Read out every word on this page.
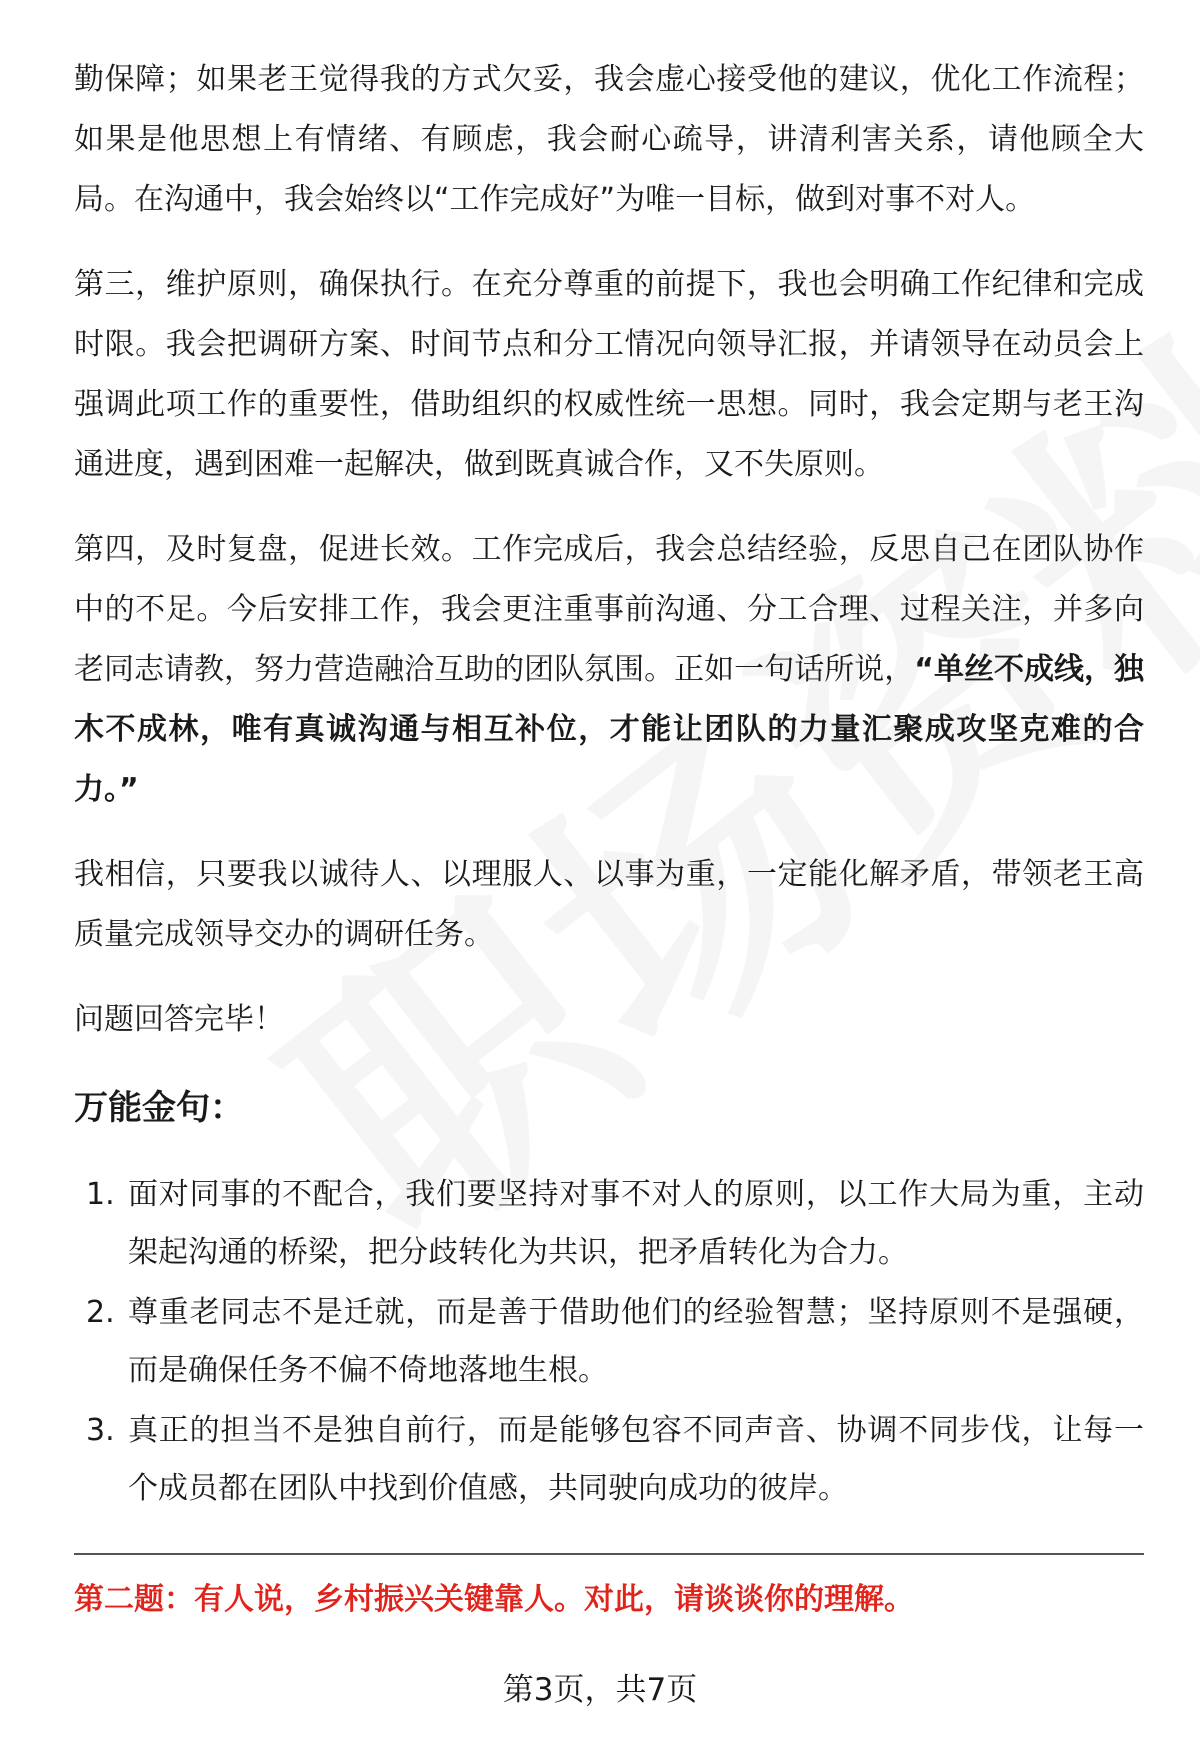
勤保障；如果老王觉得我的方式欠妥，我会虚心接受他的建议，优化工作流程；如果是他思想上有情绪、有顾虑，我会耐心疏导，讲清利害关系，请他顾全大局。在沟通中，我会始终以“工作完成好”为唯一目标，做到对事不对人。

第三，维护原则，确保执行。在充分尊重的前提下，我也会明确工作纪律和完成时限。我会把调研方案、时间节点和分工情况向领导汇报，并请领导在动员会上强调此项工作的重要性，借助组织的权威性统一思想。同时，我会定期与老王沟通进度，遇到困难一起解决，做到既真诚合作，又不失原则。

第四，及时复盘，促进长效。工作完成后，我会总结经验，反思自己在团队协作中的不足。今后安排工作，我会更注重事前沟通、分工合理、过程关注，并多向老同志请教，努力营造融洽互助的团队氛围。正如一句话所说，“单丝不成线，独木不成林，唯有真诚沟通与相互补位，才能让团队的力量汇聚成攻坚克难的合力。”

我相信，只要我以诚待人、以理服人、以事为重，一定能化解矛盾，带领老王高质量完成领导交办的调研任务。

问题回答完毕！

万能金句：
1. 面对同事的不配合，我们要坚持对事不对人的原则，以工作大局为重，主动架起沟通的桥梁，把分歧转化为共识，把矛盾转化为合力。
2. 尊重老同志不是迁就，而是善于借助他们的经验智慧；坚持原则不是强硬，而是确保任务不偏不倚地落地生根。
3. 真正的担当不是独自前行，而是能够包容不同声音、协调不同步伐，让每一个成员都在团队中找到价值感，共同驶向成功的彼岸。
第二题：有人说，乡村振兴关键靠人。对此，请谈谈你的理解。
第3页，共7页
